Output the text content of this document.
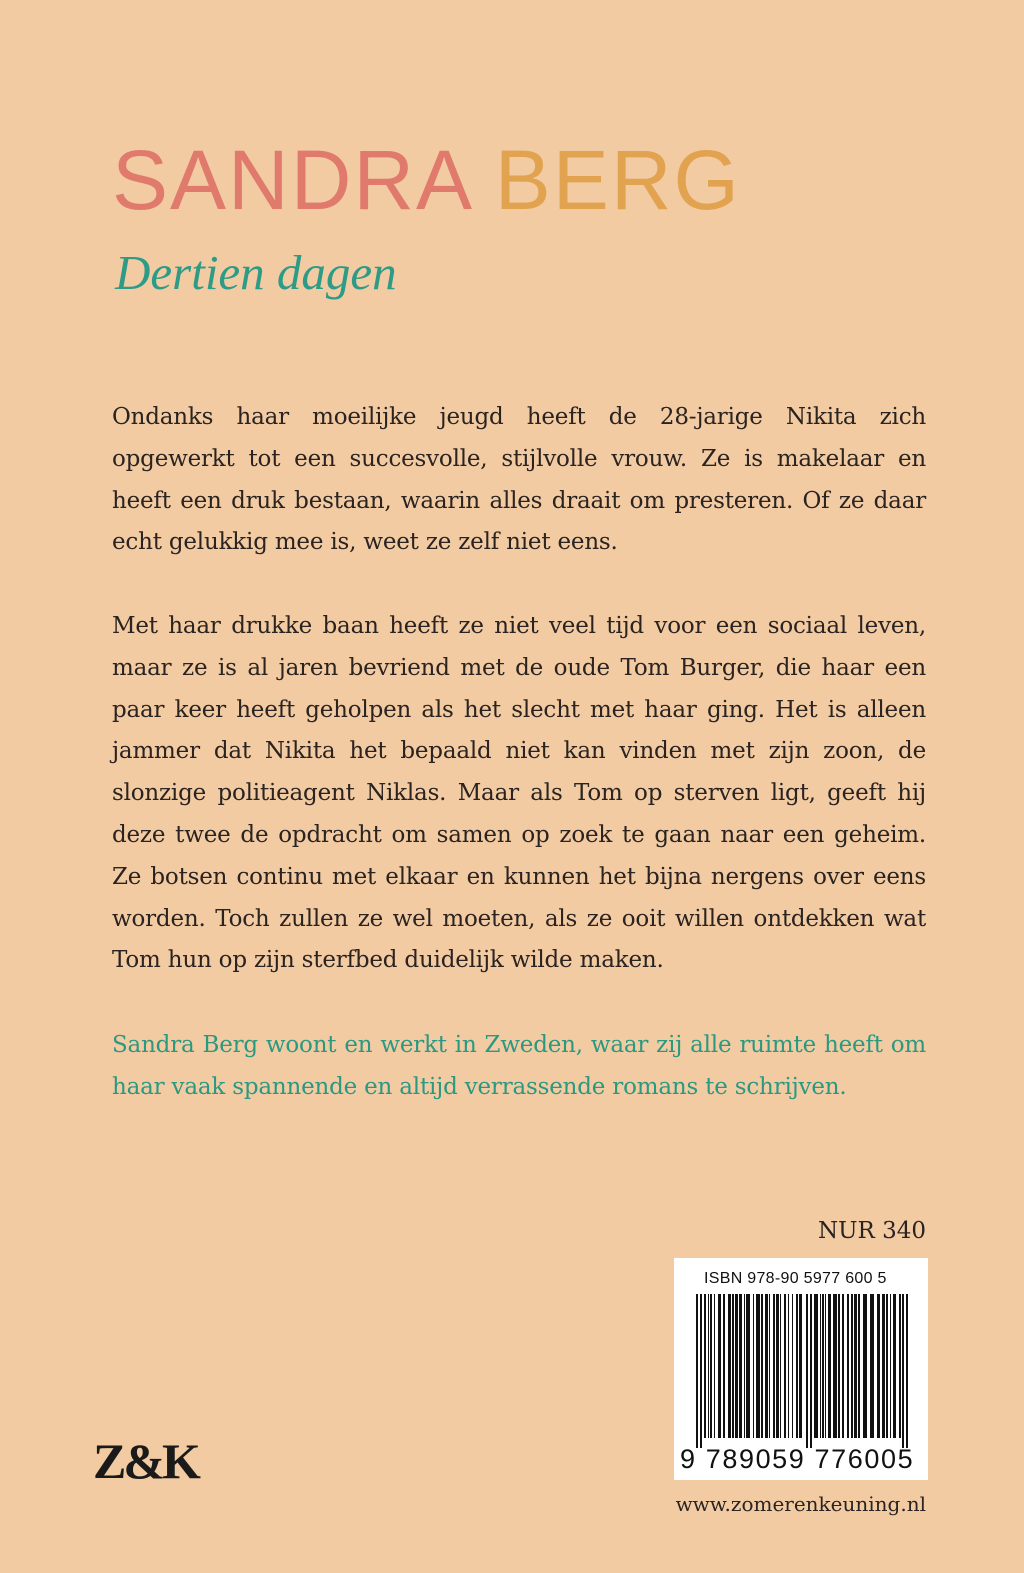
SANDRA BERG
Dertien dagen

Ondanks haar moeilijke jeugd heeft de 28-jarige Nikita zich opgewerkt tot een succesvolle, stijlvolle vrouw. Ze is makelaar en heeft een druk bestaan, waarin alles draait om presteren. Of ze daar echt gelukkig mee is, weet ze zelf niet eens.

Met haar drukke baan heeft ze niet veel tijd voor een sociaal leven, maar ze is al jaren bevriend met de oude Tom Burger, die haar een paar keer heeft geholpen als het slecht met haar ging. Het is alleen jammer dat Nikita het bepaald niet kan vinden met zijn zoon, de slonzige politieagent Niklas. Maar als Tom op sterven ligt, geeft hij deze twee de opdracht om samen op zoek te gaan naar een geheim. Ze botsen continu met elkaar en kunnen het bijna nergens over eens worden. Toch zullen ze wel moeten, als ze ooit willen ontdekken wat Tom hun op zijn sterfbed duidelijk wilde maken.

Sandra Berg woont en werkt in Zweden, waar zij alle ruimte heeft om haar vaak spannende en altijd verrassende romans te schrijven.

NUR 340
ISBN 978-90 5977 600 5
9 789059 776005
Z&K
www.zomerenkeuning.nl
